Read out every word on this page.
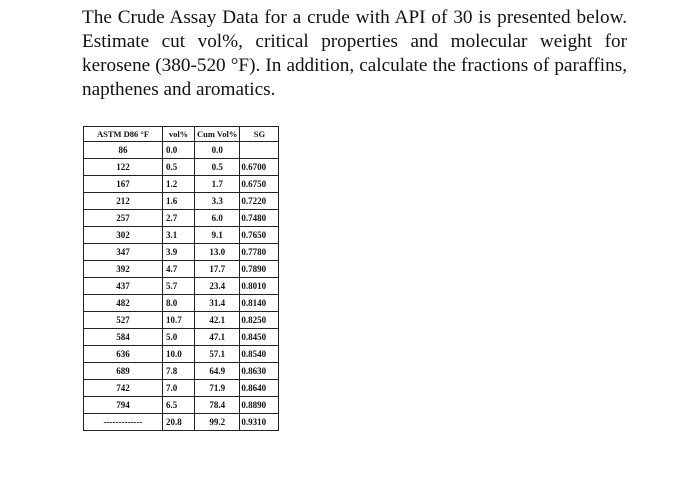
The Crude Assay Data for a crude with API of 30 is presented below. Estimate cut vol%, critical properties and molecular weight for kerosene (380-520 °F). In addition, calculate the fractions of paraffins, napthenes and aromatics.

ASTM D86 °F	vol%	Cum Vol%	SG
86	0.0	0.0	
122	0.5	0.5	0.6700
167	1.2	1.7	0.6750
212	1.6	3.3	0.7220
257	2.7	6.0	0.7480
302	3.1	9.1	0.7650
347	3.9	13.0	0.7780
392	4.7	17.7	0.7890
437	5.7	23.4	0.8010
482	8.0	31.4	0.8140
527	10.7	42.1	0.8250
584	5.0	47.1	0.8450
636	10.0	57.1	0.8540
689	7.8	64.9	0.8630
742	7.0	71.9	0.8640
794	6.5	78.4	0.8890
-------------	20.8	99.2	0.9310
